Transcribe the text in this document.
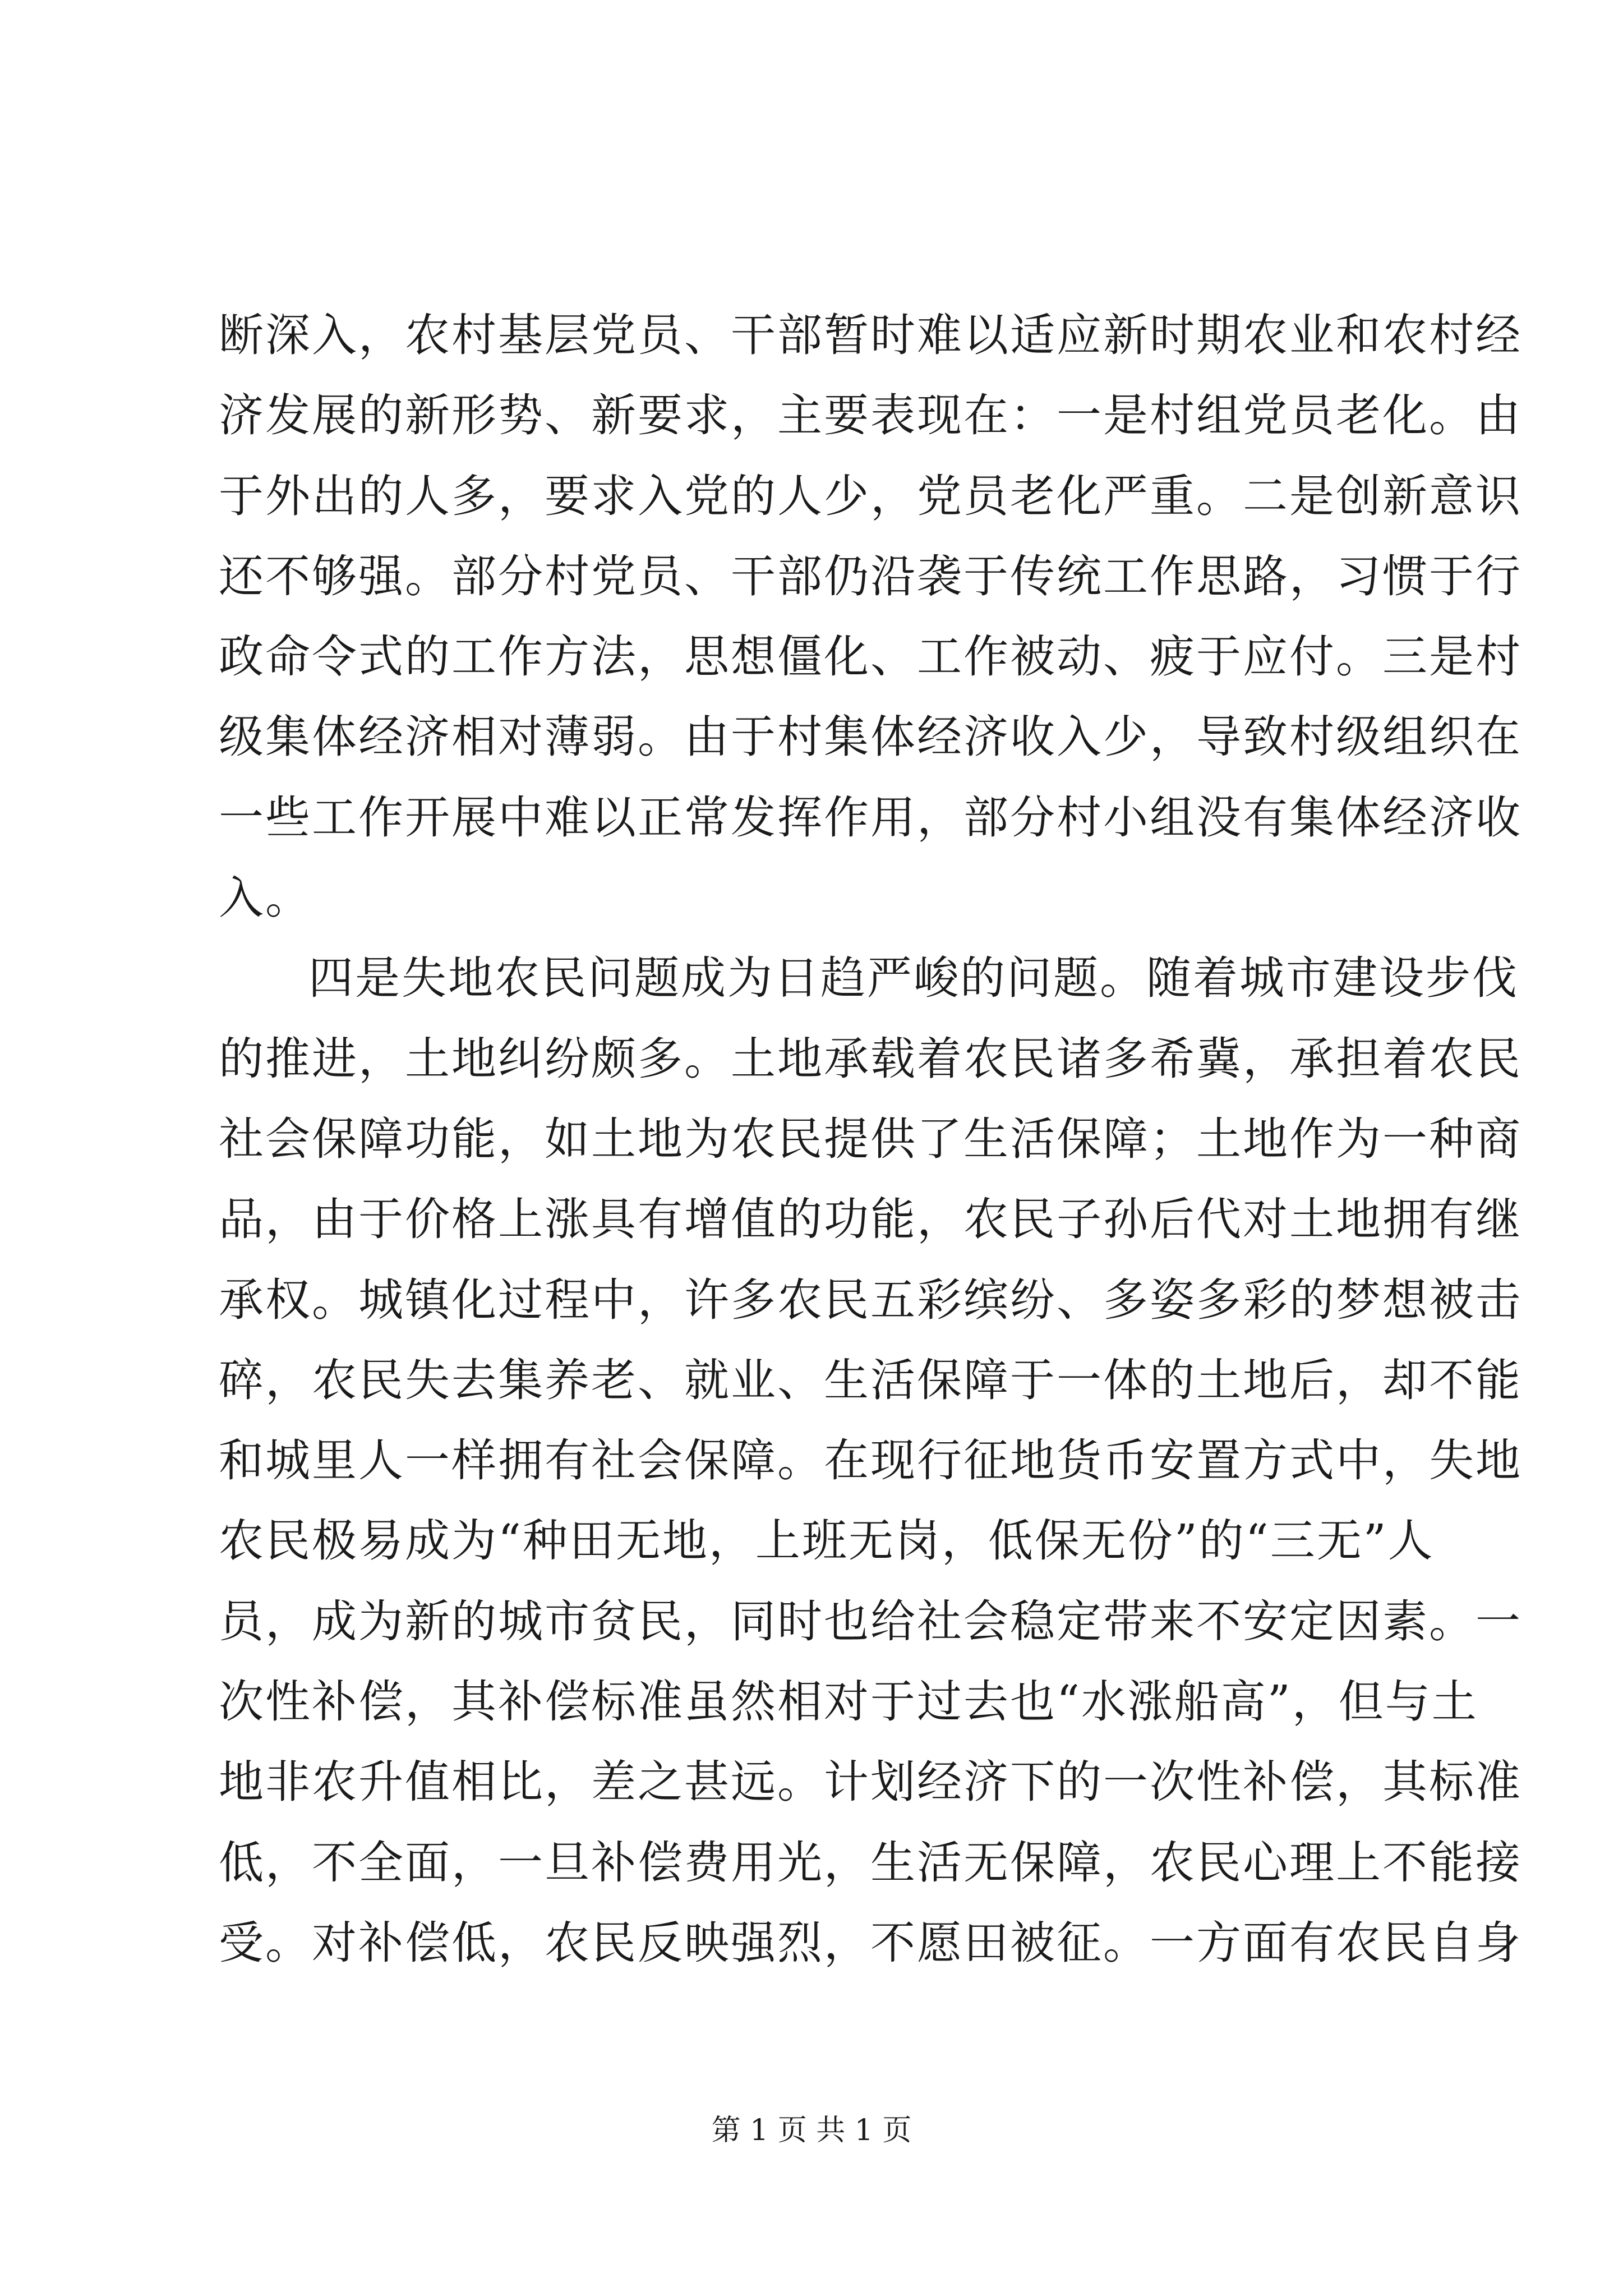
断深入，农村基层党员、干部暂时难以适应新时期农业和农村经
济发展的新形势、新要求，主要表现在：一是村组党员老化。由
于外出的人多，要求入党的人少，党员老化严重。二是创新意识
还不够强。部分村党员、干部仍沿袭于传统工作思路，习惯于行
政命令式的工作方法，思想僵化、工作被动、疲于应付。三是村
级集体经济相对薄弱。由于村集体经济收入少，导致村级组织在
一些工作开展中难以正常发挥作用，部分村小组没有集体经济收
入。
四是失地农民问题成为日趋严峻的问题。随着城市建设步伐
的推进，土地纠纷颇多。土地承载着农民诸多希冀，承担着农民
社会保障功能，如土地为农民提供了生活保障；土地作为一种商
品，由于价格上涨具有增值的功能，农民子孙后代对土地拥有继
承权。城镇化过程中，许多农民五彩缤纷、多姿多彩的梦想被击
碎，农民失去集养老、就业、生活保障于一体的土地后，却不能
和城里人一样拥有社会保障。在现行征地货币安置方式中，失地
农民极易成为“种田无地，上班无岗，低保无份”的“三无”人
员，成为新的城市贫民，同时也给社会稳定带来不安定因素。一
次性补偿，其补偿标准虽然相对于过去也“水涨船高”，但与土
地非农升值相比，差之甚远。计划经济下的一次性补偿，其标准
低，不全面，一旦补偿费用光，生活无保障，农民心理上不能接
受。对补偿低，农民反映强烈，不愿田被征。一方面有农民自身
第 1 页 共 1 页
